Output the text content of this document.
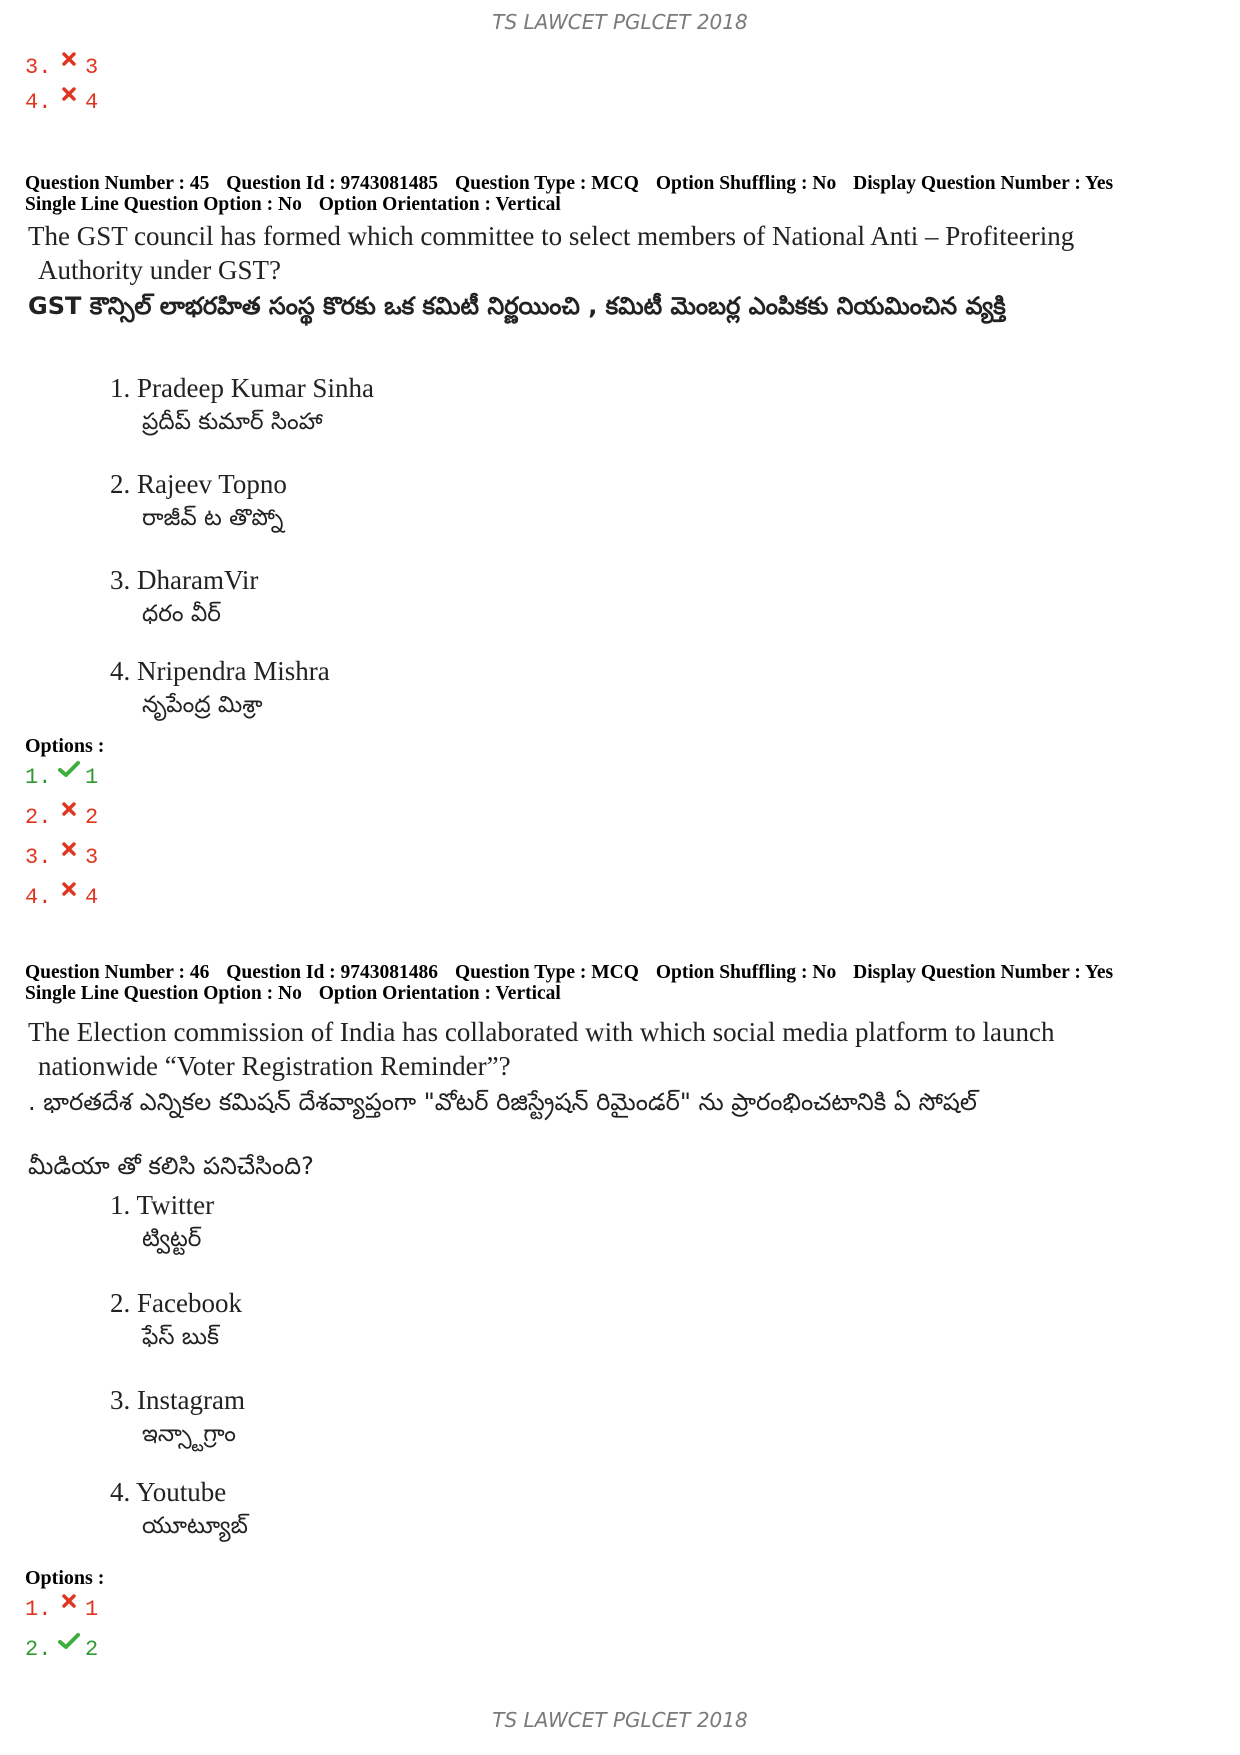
TS LAWCET PGLCET 2018
3. 3
4. 4
Question Number : 45 Question Id : 9743081485 Question Type : MCQ Option Shuffling : No Display Question Number : Yes
Single Line Question Option : No Option Orientation : Vertical
The GST council has formed which committee to select members of National Anti – Profiteering
Authority under GST?
GST కౌన్సిల్ లాభరహిత సంస్థ కొరకు ఒక కమిటీ నిర్ణయించి , కమిటీ మెంబర్ల ఎంపికకు నియమించిన వ్యక్తి
1. Pradeep Kumar Sinha
ప్రదీప్ కుమార్ సింహా
2. Rajeev Topno
రాజీవ్ ట తొప్నో
3. DharamVir
ధరం వీర్
4. Nripendra Mishra
నృపేంద్ర మిశ్రా
Options :
1. 1
2. 2
3. 3
4. 4
Question Number : 46 Question Id : 9743081486 Question Type : MCQ Option Shuffling : No Display Question Number : Yes
Single Line Question Option : No Option Orientation : Vertical
The Election commission of India has collaborated with which social media platform to launch
nationwide “Voter Registration Reminder”?
. భారతదేశ ఎన్నికల కమిషన్ దేశవ్యాప్తంగా "వోటర్ రిజిస్ట్రేషన్ రిమైండర్" ను ప్రారంభించటానికి ఏ సోషల్
మీడియా తో కలిసి పనిచేసింది?
1. Twitter
ట్విట్టర్
2. Facebook
ఫేస్ బుక్
3. Instagram
ఇన్స్టాగ్రాం
4. Youtube
యూట్యూబ్
Options :
1. 1
2. 2
TS LAWCET PGLCET 2018
